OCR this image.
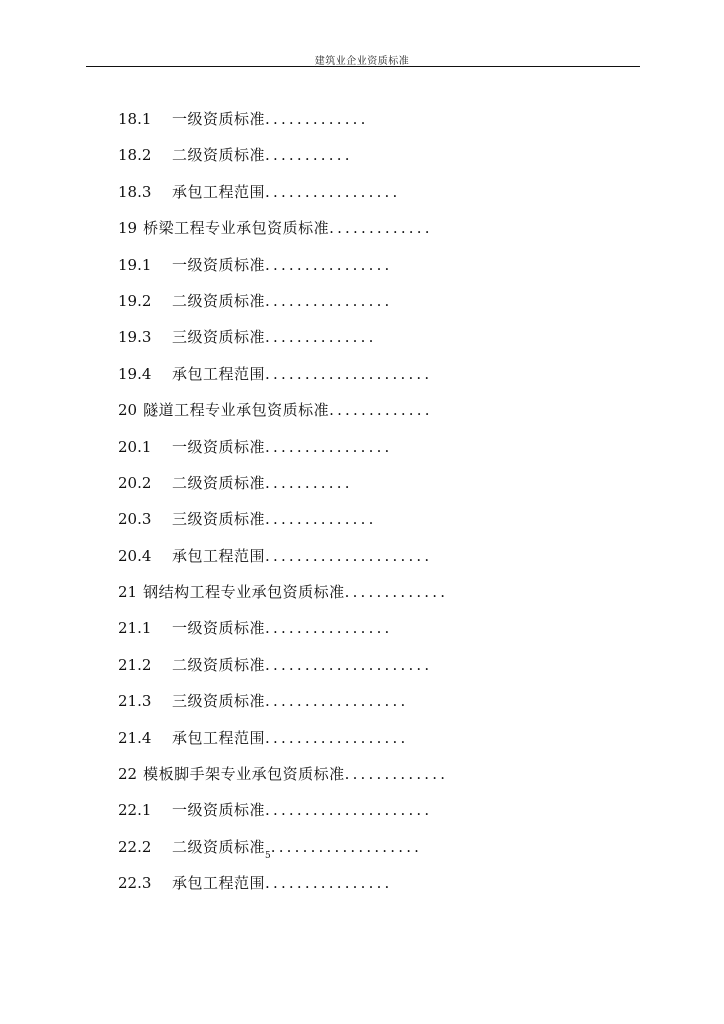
建筑业企业资质标准
18.1 一级资质标准.............
18.2 二级资质标准...........
18.3 承包工程范围.................
19 桥梁工程专业承包资质标准.............
19.1 一级资质标准................
19.2 二级资质标准................
19.3 三级资质标准..............
19.4 承包工程范围.....................
20 隧道工程专业承包资质标准.............
20.1 一级资质标准................
20.2 二级资质标准...........
20.3 三级资质标准..............
20.4 承包工程范围.....................
21 钢结构工程专业承包资质标准.............
21.1 一级资质标准................
21.2 二级资质标准.....................
21.3 三级资质标准..................
21.4 承包工程范围..................
22 模板脚手架专业承包资质标准.............
22.1 一级资质标准.....................
22.2 二级资质标准$_5$...................
22.3 承包工程范围................
